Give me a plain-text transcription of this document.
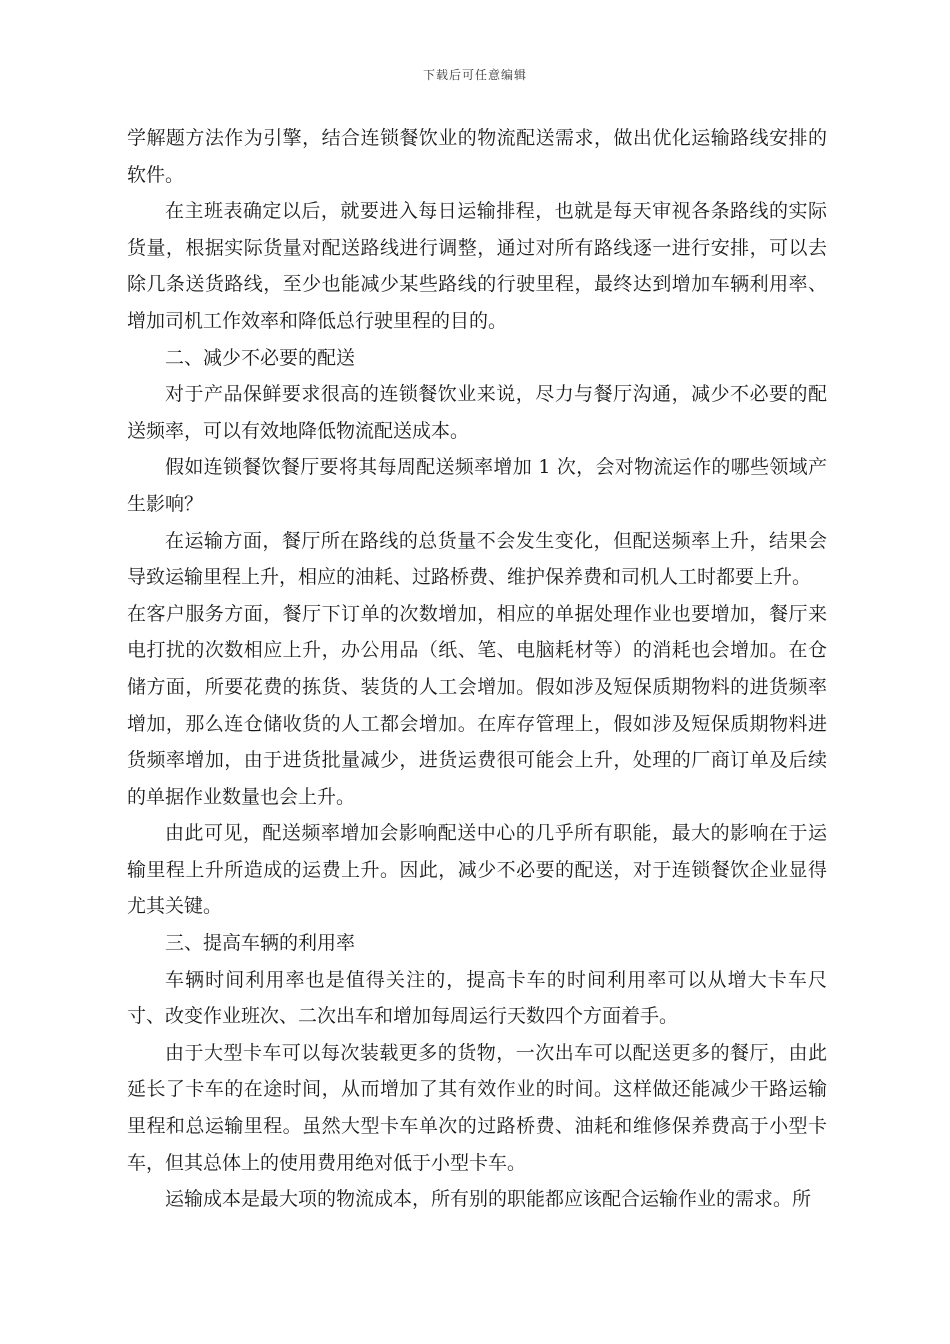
下载后可任意编辑

学解题方法作为引擎，结合连锁餐饮业的物流配送需求，做出优化运输路线安排的软件。

在主班表确定以后，就要进入每日运输排程，也就是每天审视各条路线的实际货量，根据实际货量对配送路线进行调整，通过对所有路线逐一进行安排，可以去除几条送货路线，至少也能减少某些路线的行驶里程，最终达到增加车辆利用率、增加司机工作效率和降低总行驶里程的目的。

二、减少不必要的配送

对于产品保鲜要求很高的连锁餐饮业来说，尽力与餐厅沟通，减少不必要的配送频率，可以有效地降低物流配送成本。

假如连锁餐饮餐厅要将其每周配送频率增加 1 次，会对物流运作的哪些领域产生影响？

在运输方面，餐厅所在路线的总货量不会发生变化，但配送频率上升，结果会导致运输里程上升，相应的油耗、过路桥费、维护保养费和司机人工时都要上升。

在客户服务方面，餐厅下订单的次数增加，相应的单据处理作业也要增加，餐厅来电打扰的次数相应上升，办公用品（纸、笔、电脑耗材等）的消耗也会增加。在仓储方面，所要花费的拣货、装货的人工会增加。假如涉及短保质期物料的进货频率增加，那么连仓储收货的人工都会增加。在库存管理上，假如涉及短保质期物料进货频率增加，由于进货批量减少，进货运费很可能会上升，处理的厂商订单及后续的单据作业数量也会上升。

由此可见，配送频率增加会影响配送中心的几乎所有职能，最大的影响在于运输里程上升所造成的运费上升。因此，减少不必要的配送，对于连锁餐饮企业显得尤其关键。

三、提高车辆的利用率

车辆时间利用率也是值得关注的，提高卡车的时间利用率可以从增大卡车尺寸、改变作业班次、二次出车和增加每周运行天数四个方面着手。

由于大型卡车可以每次装载更多的货物，一次出车可以配送更多的餐厅，由此延长了卡车的在途时间，从而增加了其有效作业的时间。这样做还能减少干路运输里程和总运输里程。虽然大型卡车单次的过路桥费、油耗和维修保养费高于小型卡车，但其总体上的使用费用绝对低于小型卡车。

运输成本是最大项的物流成本，所有别的职能都应该配合运输作业的需求。所
